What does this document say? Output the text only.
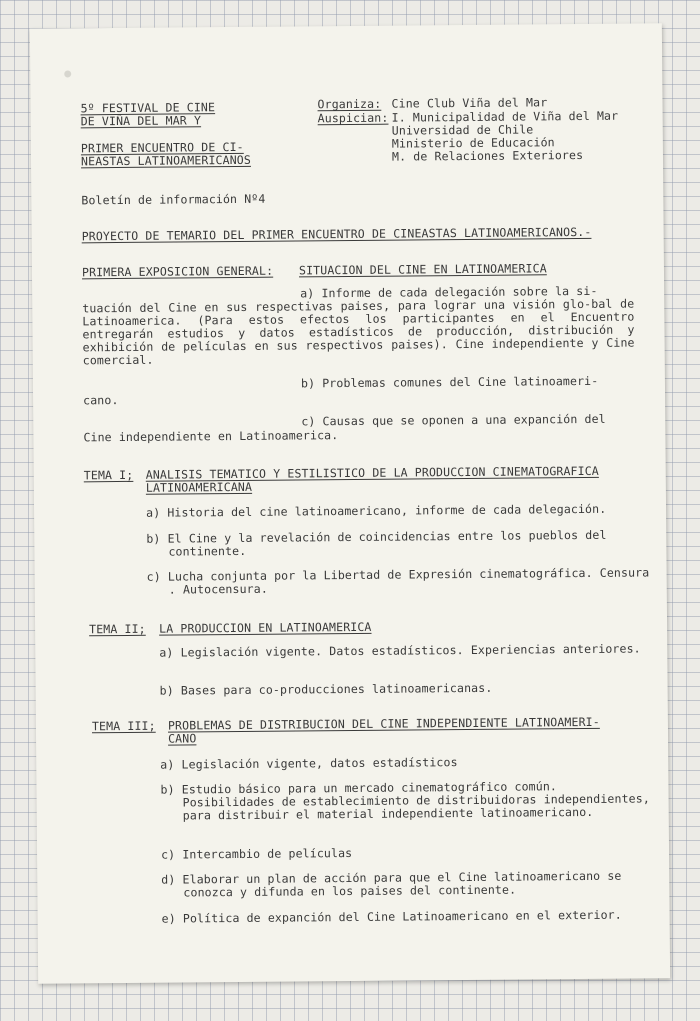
5º FESTIVAL DE CINE
DE VIÑA DEL MAR Y
PRIMER ENCUENTRO DE CI-
NEASTAS LATINOAMERICANOS
Organiza: Cine Club Viña del Mar
Auspician: I. Municipalidad de Viña del Mar
Universidad de Chile
Ministerio de Educación
M. de Relaciones Exteriores
Boletín de información Nº4
PROYECTO DE TEMARIO DEL PRIMER ENCUENTRO DE CINEASTAS LATINOAMERICANOS.-
PRIMERA EXPOSICION GENERAL: SITUACION DEL CINE EN LATINOAMERICA
a) Informe de cada delegación sobre la si-
tuación del Cine en sus respectivas paises, para lograr una visión glo-bal de Latinoamerica. (Para estos efectos los participantes en el Encuentro entregarán estudios y datos estadísticos de producción, distribución y exhibición de películas en sus respectivos paises). Cine independiente y Cine comercial.
b) Problemas comunes del Cine latinoameri-
cano.
c) Causas que se oponen a una expanción del
Cine independiente en Latinoamerica.
TEMA I; ANALISIS TEMATICO Y ESTILISTICO DE LA PRODUCCION CINEMATOGRAFICA
LATINOAMERICANA
a) Historia del cine latinoamericano, informe de cada delegación.
b) El Cine y la revelación de coincidencias entre los pueblos del continente.
c) Lucha conjunta por la Libertad de Expresión cinematográfica. Censura . Autocensura.
TEMA II; LA PRODUCCION EN LATINOAMERICA
a) Legislación vigente. Datos estadísticos. Experiencias anteriores.
b) Bases para co-producciones latinoamericanas.
TEMA III; PROBLEMAS DE DISTRIBUCION DEL CINE INDEPENDIENTE LATINOAMERI-
CANO
a) Legislación vigente, datos estadísticos
b) Estudio básico para un mercado cinematográfico común. Posibilidades de establecimiento de distribuidoras independientes, para distribuir el material independiente latinoamericano.
c) Intercambio de películas
d) Elaborar un plan de acción para que el Cine latinoamericano se conozca y difunda en los paises del continente.
e) Política de expanción del Cine Latinoamericano en el exterior.
